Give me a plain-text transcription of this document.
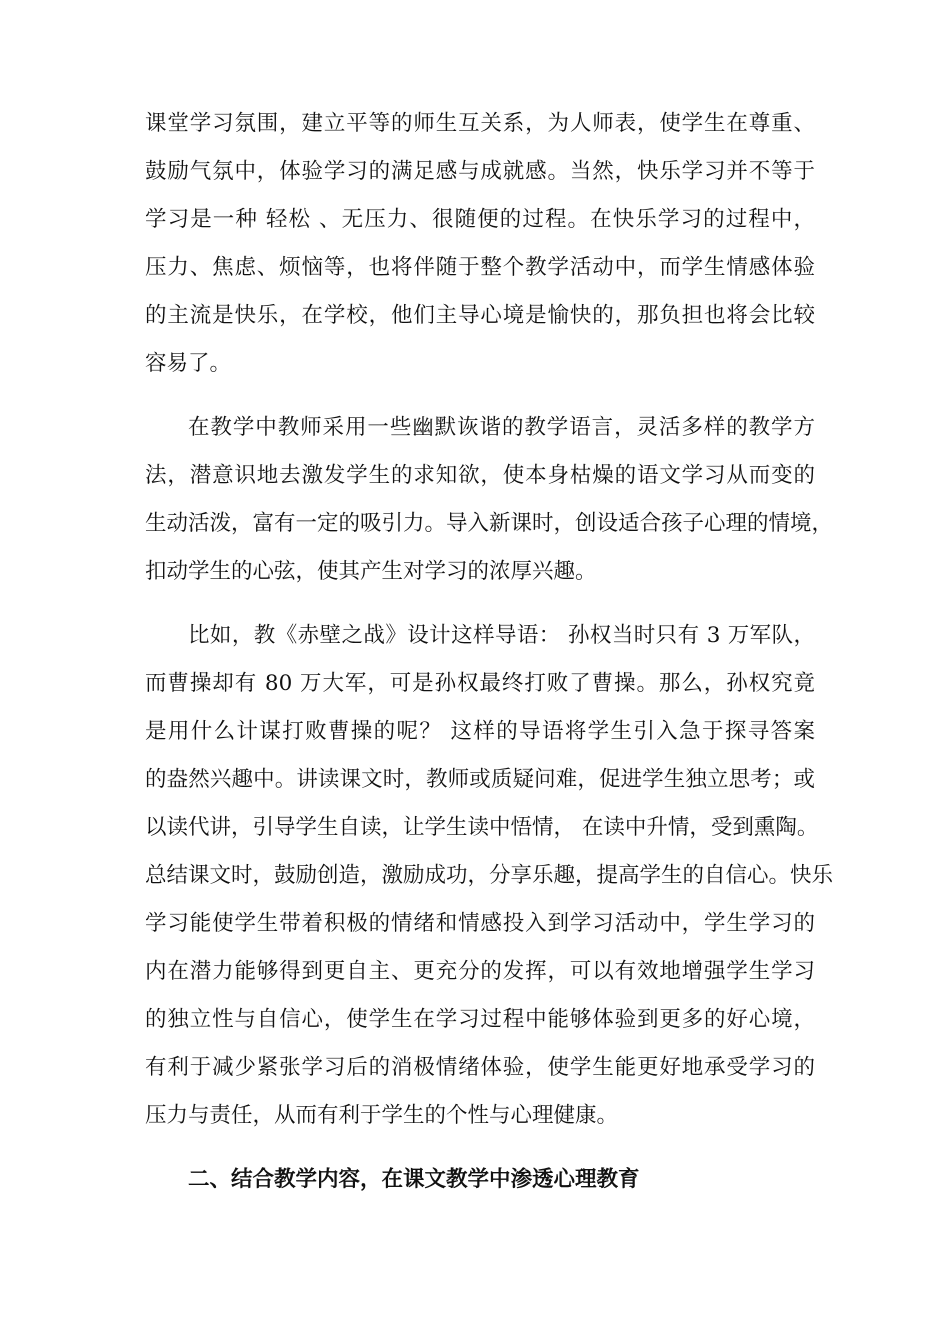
课堂学习氛围，建立平等的师生互关系，为人师表，使学生在尊重、
鼓励气氛中，体验学习的满足感与成就感。当然，快乐学习并不等于
学习是一种 轻松 、无压力、很随便的过程。在快乐学习的过程中，
压力、焦虑、烦恼等，也将伴随于整个教学活动中，而学生情感体验
的主流是快乐，在学校，他们主导心境是愉快的，那负担也将会比较
容易了。
在教学中教师采用一些幽默诙谐的教学语言，灵活多样的教学方
法，潜意识地去激发学生的求知欲，使本身枯燥的语文学习从而变的
生动活泼，富有一定的吸引力。导入新课时，创设适合孩子心理的情境，
扣动学生的心弦，使其产生对学习的浓厚兴趣。
比如，教《赤壁之战》设计这样导语： 孙权当时只有 3 万军队，
而曹操却有 80 万大军，可是孙权最终打败了曹操。那么，孙权究竟
是用什么计谋打败曹操的呢？ 这样的导语将学生引入急于探寻答案
的盎然兴趣中。讲读课文时，教师或质疑问难，促进学生独立思考；或
以读代讲，引导学生自读，让学生读中悟情， 在读中升情，受到熏陶。
总结课文时，鼓励创造，激励成功，分享乐趣，提高学生的自信心。快乐
学习能使学生带着积极的情绪和情感投入到学习活动中，学生学习的
内在潜力能够得到更自主、更充分的发挥，可以有效地增强学生学习
的独立性与自信心，使学生在学习过程中能够体验到更多的好心境，
有利于减少紧张学习后的消极情绪体验，使学生能更好地承受学习的
压力与责任，从而有利于学生的个性与心理健康。
二、结合教学内容，在课文教学中渗透心理教育
